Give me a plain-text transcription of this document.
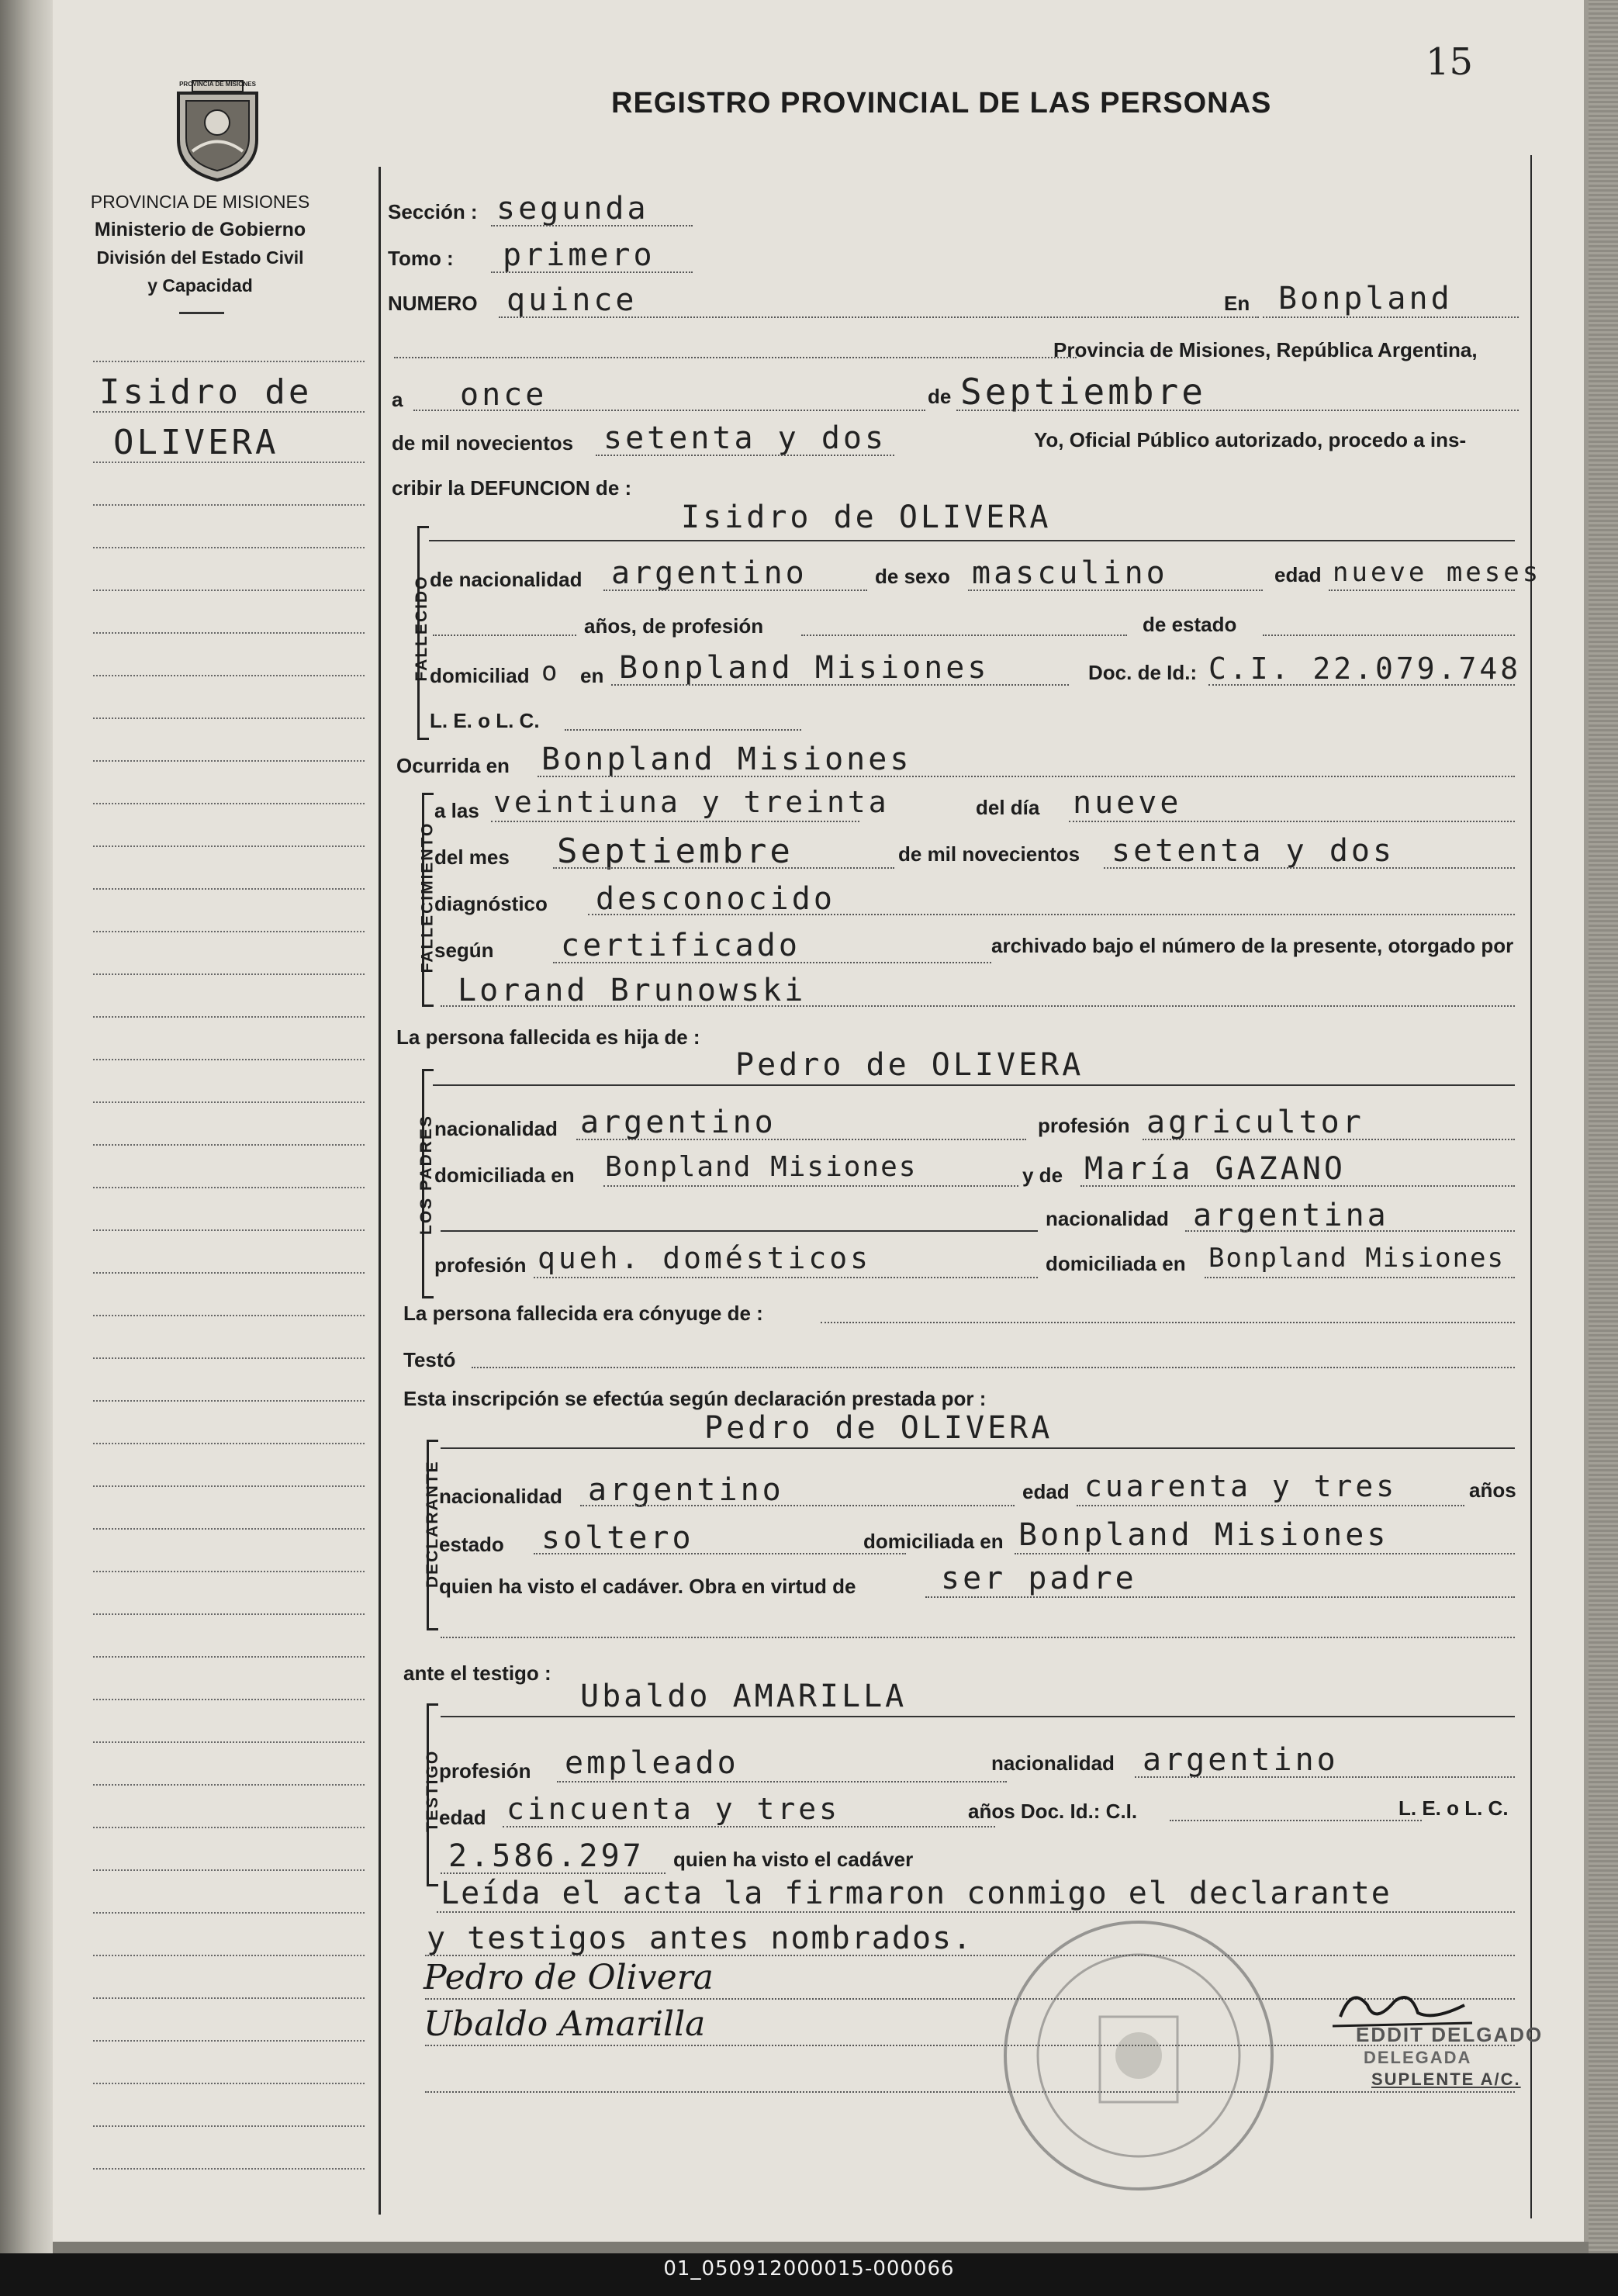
15
REGISTRO PROVINCIAL DE LAS PERSONAS
PROVINCIA DE MISIONES
PROVINCIA DE MISIONES
Ministerio de Gobierno
División del Estado Civil
y Capacidad
Isidro de
OLIVERA
Sección : segunda
Tomo : primero
NUMERO quince	En Bonpland
Provincia de Misiones, República Argentina,
a once	de Septiembre
de mil novecientos setenta y dos	Yo, Oficial Público autorizado, procedo a ins-
cribir la DEFUNCION de :
FALLECIDO
Isidro de OLIVERA
de nacionalidad argentino	de sexo masculino	edad nueve meses
años, de profesión	de estado
domiciliad o en Bonpland Misiones	Doc. de Id.: C.I. 22.079.748
L. E. o L. C.
Ocurrida en Bonpland Misiones
FALLECIMIENTO
a las veintiuna y treinta	del día nueve
del mes Septiembre	de mil novecientos setenta y dos
diagnóstico desconocido
según certificado	archivado bajo el número de la presente, otorgado por
Lorand Brunowski
La persona fallecida es hija de :
LOS PADRES
Pedro de OLIVERA
nacionalidad argentino	profesión agricultor
domiciliada en Bonpland Misiones	y de María GAZANO
nacionalidad argentina
profesión queh. domésticos	domiciliada en Bonpland Misiones
La persona fallecida era cónyuge de :
Testó
Esta inscripción se efectúa según declaración prestada por :
DECLARANTE
Pedro de OLIVERA
nacionalidad argentino	edad cuarenta y tres	años
estado soltero	domiciliada en Bonpland Misiones
quien ha visto el cadáver. Obra en virtud de	ser padre
ante el testigo :
TESTIGO
Ubaldo AMARILLA
profesión empleado	nacionalidad argentino
edad cincuenta y tres	años Doc. Id.: C.I.	L. E. o L. C.
2.586.297 quien ha visto el cadáver
Leída el acta la firmaron conmigo el declarante
y testigos antes nombrados.
Pedro de Olivera
Ubaldo Amarilla	EDDIT DELGADO
DELEGADA
SUPLENTE A/C.
01_050912000015-000066
